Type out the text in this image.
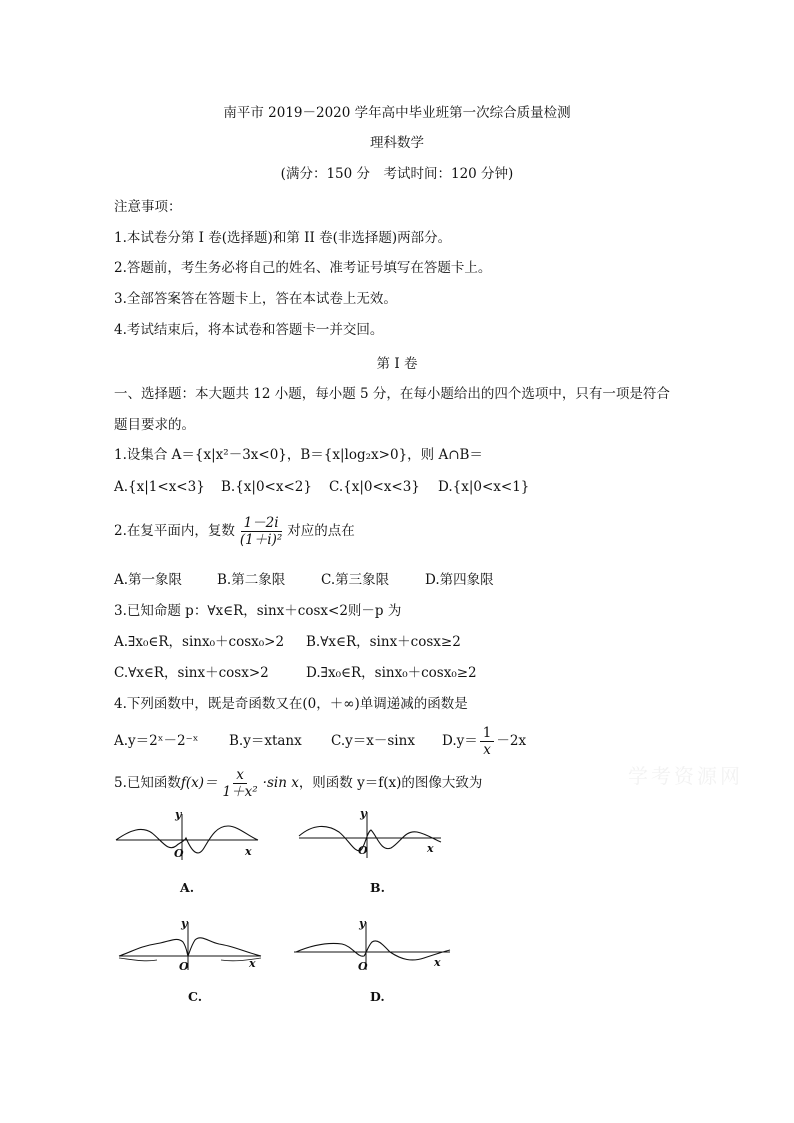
南平市 2019－2020 学年高中毕业班第一次综合质量检测
理科数学
(满分：150 分　考试时间：120 分钟)
注意事项：
1.本试卷分第 I 卷(选择题)和第 II 卷(非选择题)两部分。
2.答题前，考生务必将自己的姓名、准考证号填写在答题卡上。
3.全部答案答在答题卡上，答在本试卷上无效。
4.考试结束后，将本试卷和答题卡一并交回。
第 I 卷
一、选择题：本大题共 12 小题，每小题 5 分，在每小题给出的四个选项中，只有一项是符合
题目要求的。
1.设集合 A＝{x|x²－3x<0}，B＝{x|log₂x>0}，则 A∩B＝
A.{x|1<x<3} B.{x|0<x<2} C.{x|0<x<3} D.{x|0<x<1}
2.在复平面内，复数 $\frac{1-2i}{\text{(1＋i)²}}$ 对应的点在
A.第一象限	B.第二象限	C.第三象限	D.第四象限
3.已知命题 p：∀x∈R，sinx＋cosx<2则－p 为
A.∃x₀∈R，sinx₀＋cosx₀>2 B.∀x∈R，sinx＋cosx≥2
C.∀x∈R，sinx＋cosx>2	D.∃x₀∈R，sinx₀＋cosx₀≥2
4.下列函数中，既是奇函数又在(0，＋∞)单调递减的函数是
A.y＝2ˣ－2⁻ˣ B.y＝xtanx C.y＝x－sinx $D.y= \frac{1}{x} -2x$
5.已知函数$f(x)= \frac{x}{\text{1＋x²}} \cdot\sin$ x，则函数 y＝f(x)的图像大致为
y
O	x
y
O	x
y
O	x
y
O	x
A.	B.
C.	D.
学考资源网
